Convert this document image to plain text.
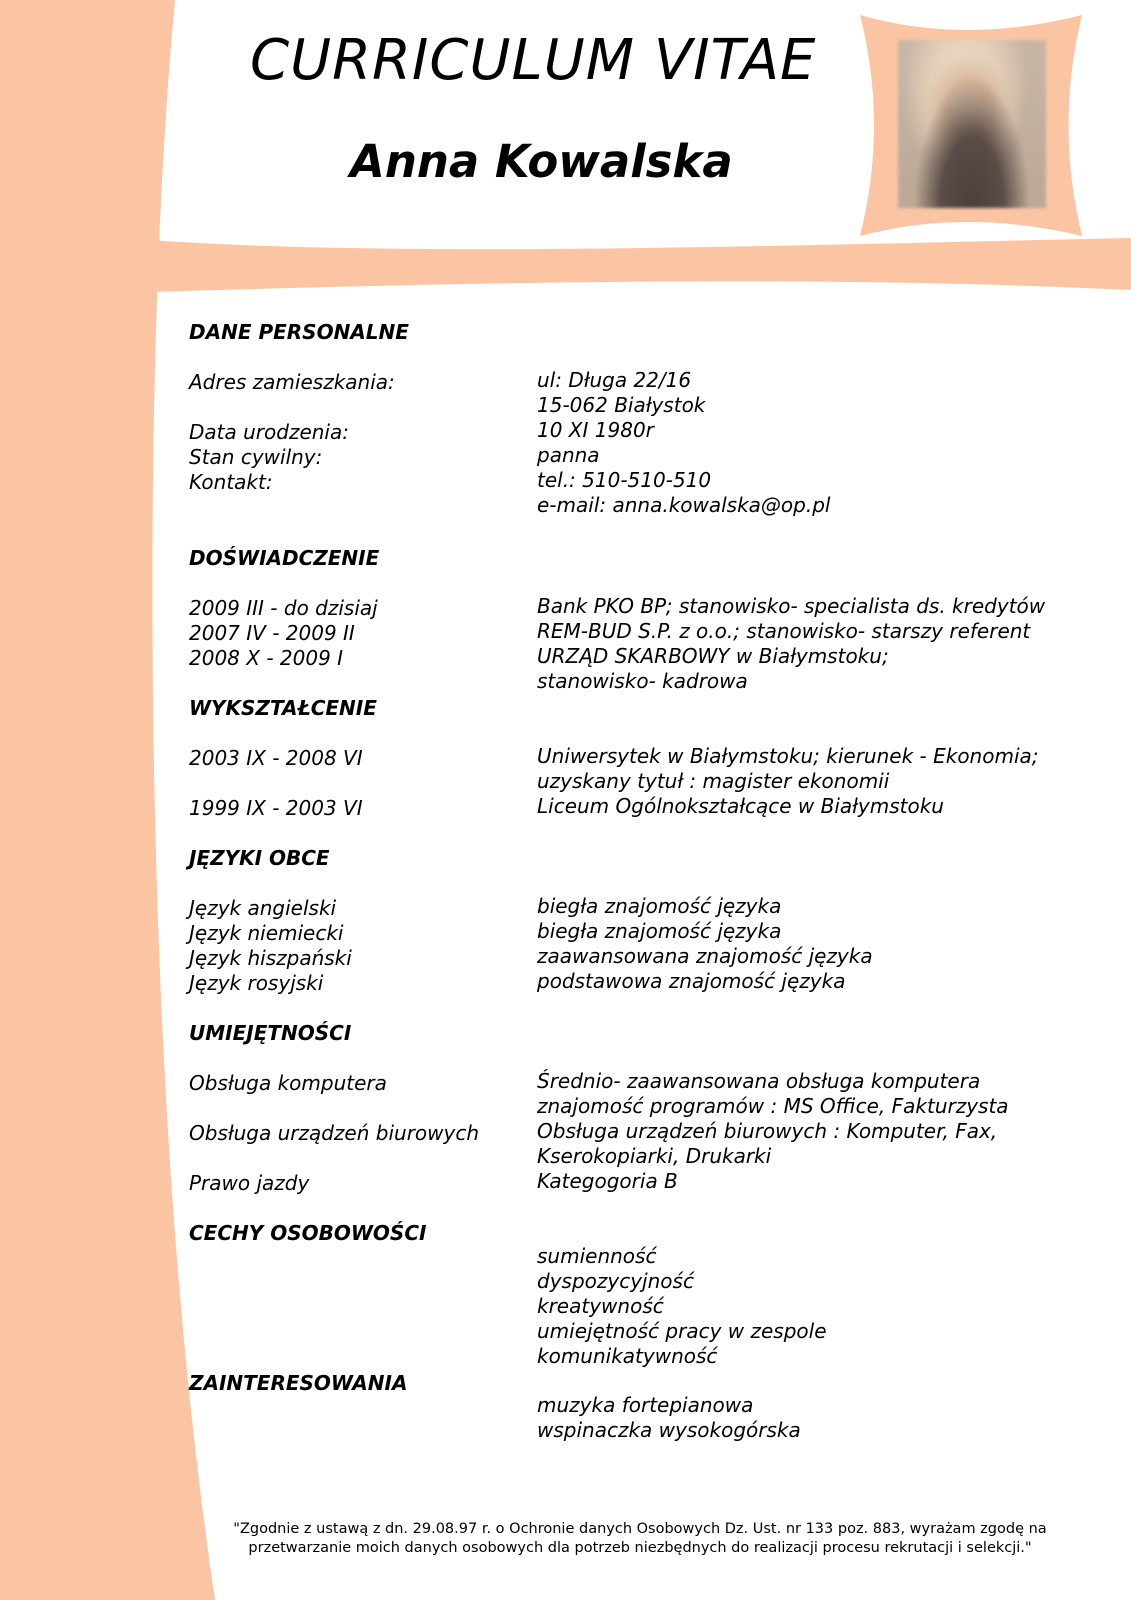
CURRICULUM VITAE
Anna Kowalska
DANE PERSONALNE
Adres zamieszkania:	ul: Długa 22/16
15-062 Białystok
Data urodzenia:	10 XI 1980r
Stan cywilny:	panna
Kontakt:	tel.: 510-510-510
e-mail: anna.kowalska@op.pl
DOŚWIADCZENIE
2009 III - do dzisiaj	Bank PKO BP; stanowisko- specialista ds. kredytów
2007 IV - 2009 II	REM-BUD S.P. z o.o.; stanowisko- starszy referent
2008 X - 2009 I	URZĄD SKARBOWY w Białymstoku;
stanowisko- kadrowa
WYKSZTAŁCENIE
2003 IX - 2008 VI	Uniwersytek w Białymstoku; kierunek - Ekonomia;
uzyskany tytuł : magister ekonomii
1999 IX - 2003 VI	Liceum Ogólnokształcące w Białymstoku
JĘZYKI OBCE
Język angielski	biegła znajomość języka
Język niemiecki	biegła znajomość języka
Język hiszpański	zaawansowana znajomość języka
Język rosyjski	podstawowa znajomość języka
UMIEJĘTNOŚCI
Obsługa komputera	Średnio- zaawansowana obsługa komputera
znajomość programów : MS Office, Fakturzysta
Obsługa urządzeń biurowych	Obsługa urządzeń biurowych : Komputer, Fax,
Kserokopiarki, Drukarki
Prawo jazdy	Kategogoria B
CECHY OSOBOWOŚCI
sumienność
dyspozycyjność
kreatywność
umiejętność pracy w zespole
komunikatywność
ZAINTERESOWANIA
muzyka fortepianowa
wspinaczka wysokogórska
"Zgodnie z ustawą z dn. 29.08.97 r. o Ochronie danych Osobowych Dz. Ust. nr 133 poz. 883, wyrażam zgodę na
przetwarzanie moich danych osobowych dla potrzeb niezbędnych do realizacji procesu rekrutacji i selekcji."
